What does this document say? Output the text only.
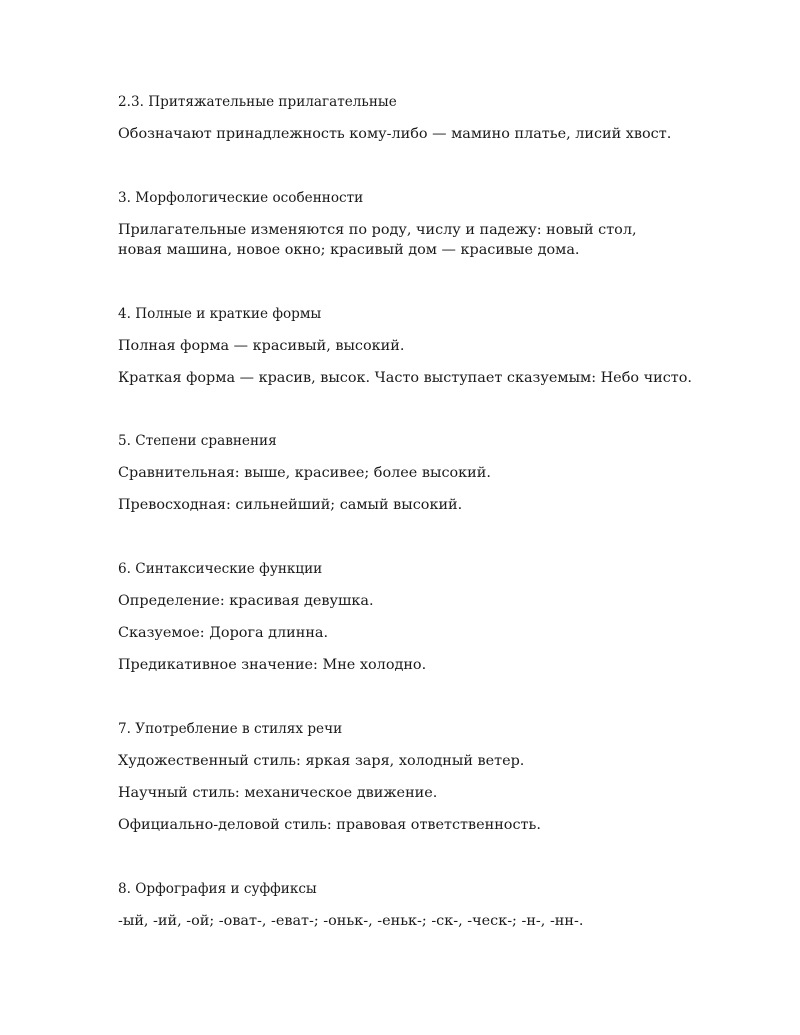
2.3. Притяжательные прилагательные
Обозначают принадлежность кому-либо — мамино платье, лисий хвост.
3. Морфологические особенности
Прилагательные изменяются по роду, числу и падежу: новый стол, новая машина, новое окно; красивый дом — красивые дома.
4. Полные и краткие формы
Полная форма — красивый, высокий.
Краткая форма — красив, высок. Часто выступает сказуемым: Небо чисто.
5. Степени сравнения
Сравнительная: выше, красивее; более высокий.
Превосходная: сильнейший; самый высокий.
6. Синтаксические функции
Определение: красивая девушка.
Сказуемое: Дорога длинна.
Предикативное значение: Мне холодно.
7. Употребление в стилях речи
Художественный стиль: яркая заря, холодный ветер.
Научный стиль: механическое движение.
Официально-деловой стиль: правовая ответственность.
8. Орфография и суффиксы
-ый, -ий, -ой; -оват-, -еват-; -оньк-, -еньк-; -ск-, -ческ-; -н-, -нн-.
